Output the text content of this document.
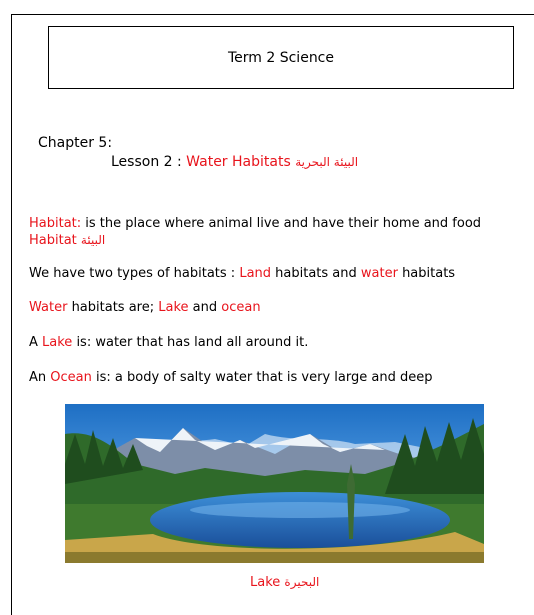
Term 2 Science
Chapter 5:
Lesson 2 : Water Habitats البيئة البحرية
Habitat: is the place where animal live and have their home and food
Habitat البيئة
We have two types of habitats : Land habitats and water habitats
Water habitats are; Lake and ocean
A Lake is: water that has land all around it.
An Ocean is: a body of salty water that is very large and deep
Lake البحيرة
